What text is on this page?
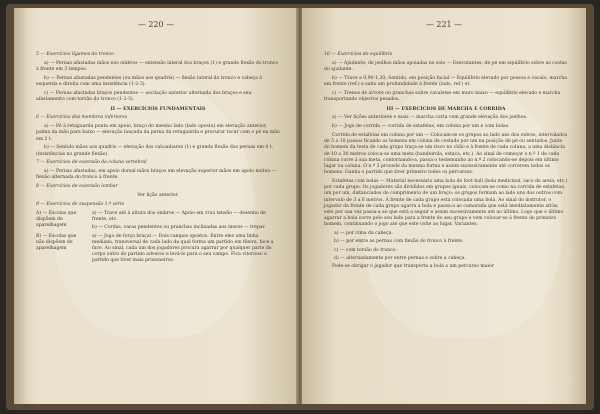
— 220 —
5 — Exercícios lígamos do tronco

a) — Pernas afastadas mãos nos ombros — extensão lateral dos braços (1) e grande flexão do tronco à frente em 3 tempos.

b) — Pernas afastadas pendentes (ou mãos aos quadris) — flexão lateral do tronco e cabeça à esquerda e direita com uma insistência (1-2-3).

c) — Pernas afastadas braços pendentes — oscilação anterior alternada dos braços e seu afastamento com torsão do tronco (1-2-3).

II — EXERCÍCIOS FUNDAMENTAIS
6 — Exercícios dos membros inferiores

a) — Pé à retaguarda ponta em apoio, braço do mesmo lado (lado oposto) em elevação anterior, palma da mão para baixo — elevação lançada da perna da retaguarda e procurar tocar com o pé na mão em 2 t.

b) — Sentido mãos aos quadris — elevação dos calcanhares (1) e grande flexão das pernas em 4 t. (insistências no grande flexão).

7 — Exercícios de extensão da coluna vertebral

a) — Pernas afastadas, em apoio dorsal mãos braços em elevação superior mãos em apoio mútuo — flexão alternada do tronco à frente.

8 — Exercícios de extensão lombar
Ver lição anterior.
9 — Exercícios de suspensão 1.ª série
A) — Escolas que dispõem de aparelhagem
a) — Trave até à altura dos ombros — Apoio em cruz tensão — desenho de frente, etc.
b) — Cordas, varas pendentes ou pranchas inclinadas aos muros — trepar.
B) — Escolas que não dispõem de aparelhagem
a) — Jogo de força braçal — Dois campos opostos. Entre eles uma linha mediana, transversal de cada lado da qual forma um partido em fileira, face a face. Ao sinal, cada um dos jogadores procura agarrar por qualquer parte do corpo outro do partido adverso e levá-lo para o seu campo. Fica vitorioso o partido que tiver mais prisioneiros.
— 221 —
10 — Exercícios de equilíbrio

a) — Ajudante; de joelhos mãos apoiadas no solo — Executantes; de pé em equilíbrio sobre as costas do ajudante.

b) — Trave a 0,90-1,20; Sentido, em posição facial — Equilíbrio elevado por pessoa e cavalo, marcha em frente (ref.) e salto em profundidade à frente (lado, ref.) et.

c) — Trenos de árvore ou pranchas sobre cavaletes em muro baixo — equilíbrio elevado e marcha transportando objectos pesados.

III — EXERCÍCIOS DE MARCHA E CORRIDA

a) — Ver lições anteriores e mais — marcha curta com grande elevação dos joelhos.

b) — Jogo de corrida — corrida de estafetas, em coluna por um e com bolas.

Corrida de estafetas em coluna por um — Colocam-se os grupos ao lado uns dos outros, intervalados de 5 a 10 passos ficando os homens em coluna de costado por um na posição de pé ou sentados. Junto do homem da testa de cada grupo traça-se um risco no chão e à frente de cada coluna, a uma distância de 10 a 30 metros coloca-se uma meta (bandeirola, estaca, etc.). Ao sinal de começar o n.º 1 de cada coluna corre à sua meta, contornando-a, passa o testemunho ao n.º 2 colocando-se depois em último lugar na coluna. O n.º 2 procede da mesma forma e assim sucessivamente até correrem todos os homens. Ganha o partido que tiver primeiro todos os percursos.

Estafetas com bolas — Material necessário uma bola de foot-ball (bola medicinal, saco de areia, etc.) por cada grupo. Os jogadores são divididos em grupos iguais, colocam-se como na corrida de estafetas, um por um, distanciados do comprimento de um braço; os grupos formam ao lado uns dos outros com intervalo de 3 a 6 metros. À frente de cada grupo está colocada uma bola. Ao sinal do instrutor, o jogador da frente de cada grupo agarra a bola e passa-a ao camarada que está imediatamente atrás, este por sua vez passa-a ao que está a seguir e assim sucessivamente até ao último. Logo que o último agarrar a bola corre pelo seu lado para a frente do seu grupo e vem colocar-se à frente do primeiro homem, continuando o jogo até que este volte ao lugar. Variantes:

a) — por cima da cabeça.
b) — por entre as pernas com flexão do tronco à frente.
c) — com torsão do tronco.
d) — alternadamente por entre pernas e sobre a cabeça.

Pode-se obrigar o jogador que transporta a bola a um percurso maior
